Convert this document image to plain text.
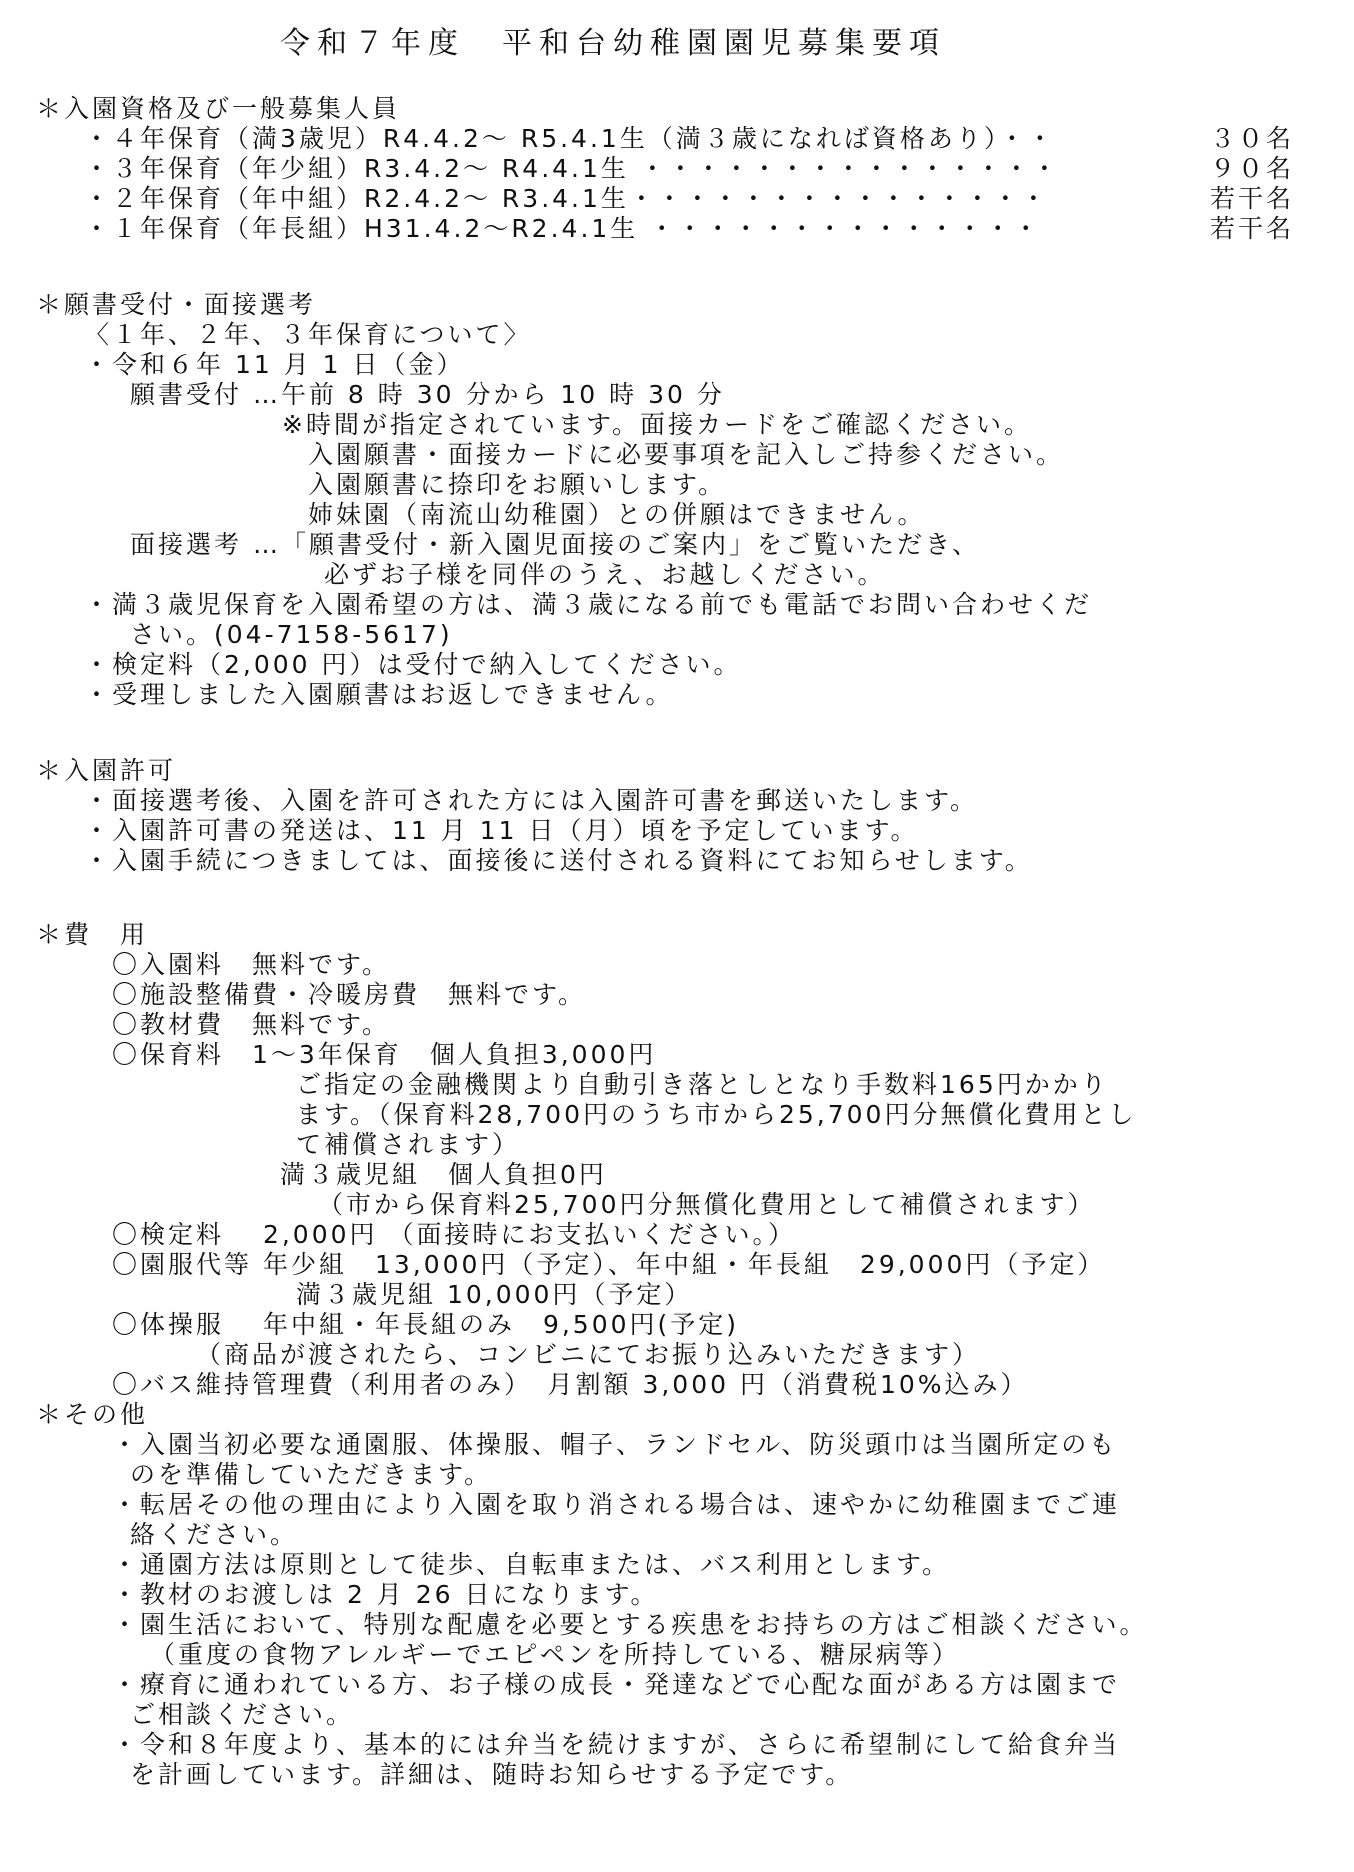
令和７年度　平和台幼稚園園児募集要項
＊入園資格及び一般募集人員
・４年保育（満3歳児）R4.4.2～ R5.4.1生（満３歳になれば資格あり）・・	３０名
・３年保育（年少組）R3.4.2～ R4.4.1生 ・・・・・・・・・・・・・・・	９０名
・２年保育（年中組）R2.4.2～ R3.4.1生・・・・・・・・・・・・・・・	若干名
・１年保育（年長組）H31.4.2～R2.4.1生 ・・・・・・・・・・・・・・	若干名
＊願書受付・面接選考
〈１年、２年、３年保育について〉
・令和６年 11 月 1 日（金）
願書受付 …午前 8 時 30 分から 10 時 30 分
※時間が指定されています。面接カードをご確認ください。
入園願書・面接カードに必要事項を記入しご持参ください。
入園願書に捺印をお願いします。
姉妹園（南流山幼稚園）との併願はできません。
面接選考 …「願書受付・新入園児面接のご案内」をご覧いただき、
必ずお子様を同伴のうえ、お越しください。
・満３歳児保育を入園希望の方は、満３歳になる前でも電話でお問い合わせくだ
さい。(04-7158-5617)
・検定料（2,000 円）は受付で納入してください。
・受理しました入園願書はお返しできません。
＊入園許可
・面接選考後、入園を許可された方には入園許可書を郵送いたします。
・入園許可書の発送は、11 月 11 日（月）頃を予定しています。
・入園手続につきましては、面接後に送付される資料にてお知らせします。
＊費　用
〇入園料　無料です。
〇施設整備費・冷暖房費　無料です。
〇教材費　無料です。
〇保育料　1～3年保育　個人負担3,000円
ご指定の金融機関より自動引き落としとなり手数料165円かかり
ます。（保育料28,700円のうち市から25,700円分無償化費用とし
て補償されます）
満３歳児組　個人負担0円
（市から保育料25,700円分無償化費用として補償されます）
〇検定料　 2,000円 （面接時にお支払いください。）
〇園服代等 年少組　13,000円（予定）、年中組・年長組　29,000円（予定）
満３歳児組 10,000円（予定）
〇体操服　 年中組・年長組のみ　9,500円(予定)
（商品が渡されたら、コンビニにてお振り込みいただきます）
〇バス維持管理費（利用者のみ）　月割額 3,000 円（消費税10%込み）
＊その他
・入園当初必要な通園服、体操服、帽子、ランドセル、防災頭巾は当園所定のも
のを準備していただきます。
・転居その他の理由により入園を取り消される場合は、速やかに幼稚園までご連
絡ください。
・通園方法は原則として徒歩、自転車または、バス利用とします。
・教材のお渡しは 2 月 26 日になります。
・園生活において、特別な配慮を必要とする疾患をお持ちの方はご相談ください。
（重度の食物アレルギーでエピペンを所持している、糖尿病等）
・療育に通われている方、お子様の成長・発達などで心配な面がある方は園まで
ご相談ください。
・令和８年度より、基本的には弁当を続けますが、さらに希望制にして給食弁当
を計画しています。詳細は、随時お知らせする予定です。
